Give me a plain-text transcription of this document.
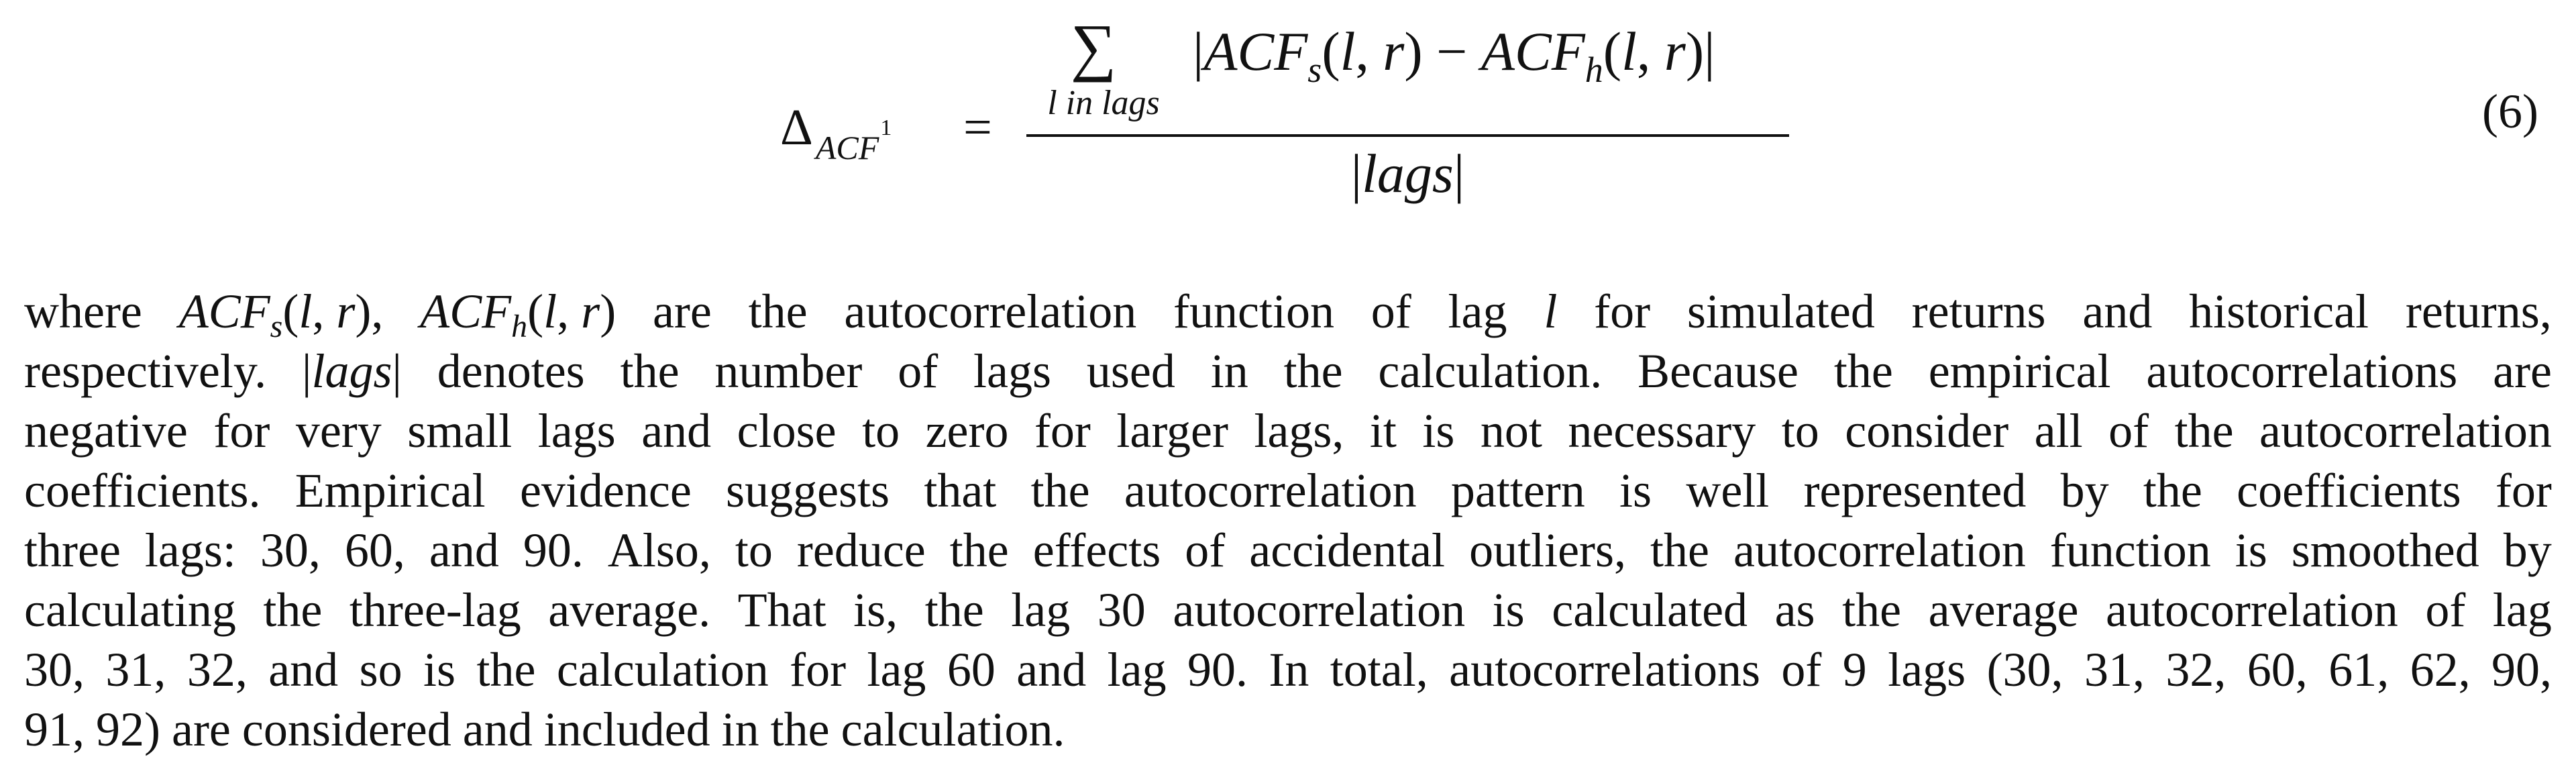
$\Delta_{ACF}1$ =
∑
l in lags
$|ACF_s(l$, $r) - ACF_h(l$, r)|
|lags|
(6)
where ACFs(l, r), ACFh(l, r) are the autocorrelation function of lag l for simulated returns and historical returns,
respectively. |lags| denotes the number of lags used in the calculation. Because the empirical autocorrelations are
negative for very small lags and close to zero for larger lags, it is not necessary to consider all of the autocorrelation
coefficients. Empirical evidence suggests that the autocorrelation pattern is well represented by the coefficients for
three lags: 30, 60, and 90. Also, to reduce the effects of accidental outliers, the autocorrelation function is smoothed by
calculating the three-lag average. That is, the lag 30 autocorrelation is calculated as the average autocorrelation of lag
30, 31, 32, and so is the calculation for lag 60 and lag 90. In total, autocorrelations of 9 lags (30, 31, 32, 60, 61, 62, 90,
91, 92) are considered and included in the calculation.
